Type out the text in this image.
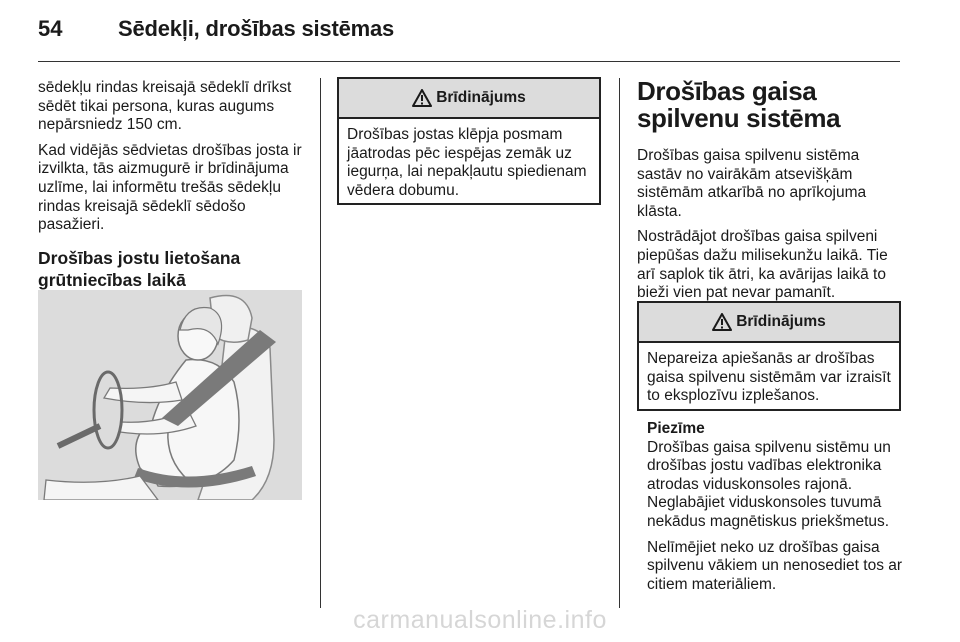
54	Sēdekļi, drošības sistēmas

sēdekļu rindas kreisajā sēdeklī drīkst sēdēt tikai persona, kuras augums nepārsniedz 150 cm.

Kad vidējās sēdvietas drošības josta ir izvilkta, tās aizmugurē ir brīdinājuma uzlīme, lai informētu trešās sēdekļu rindas kreisajā sēdeklī sēdošo pasažieri.

Drošības jostu lietošana
grūtniecības laikā
Brīdinājums

Drošības jostas klēpja posmam jāatrodas pēc iespējas zemāk uz iegurņa, lai nepakļautu spiedienam vēdera dobumu.

Drošības gaisa spilvenu sistēma

Drošības gaisa spilvenu sistēma sastāv no vairākām atsevišķām sistēmām atkarībā no aprīkojuma klāsta.

Nostrādājot drošības gaisa spilveni piepūšas dažu milisekunžu laikā. Tie arī saplok tik ātri, ka avārijas laikā to bieži vien pat nevar pamanīt.

Brīdinājums

Nepareiza apiešanās ar drošības gaisa spilvenu sistēmām var izraisīt to eksplozīvu izplešanos.

Piezīme

Drošības gaisa spilvenu sistēmu un drošības jostu vadības elektronika atrodas viduskonsoles rajonā. Neglabājiet viduskonsoles tuvumā nekādus magnētiskus priekšmetus.

Nelīmējiet neko uz drošības gaisa spilvenu vākiem un nenosediet tos ar citiem materiāliem.

carmanualsonline.info
